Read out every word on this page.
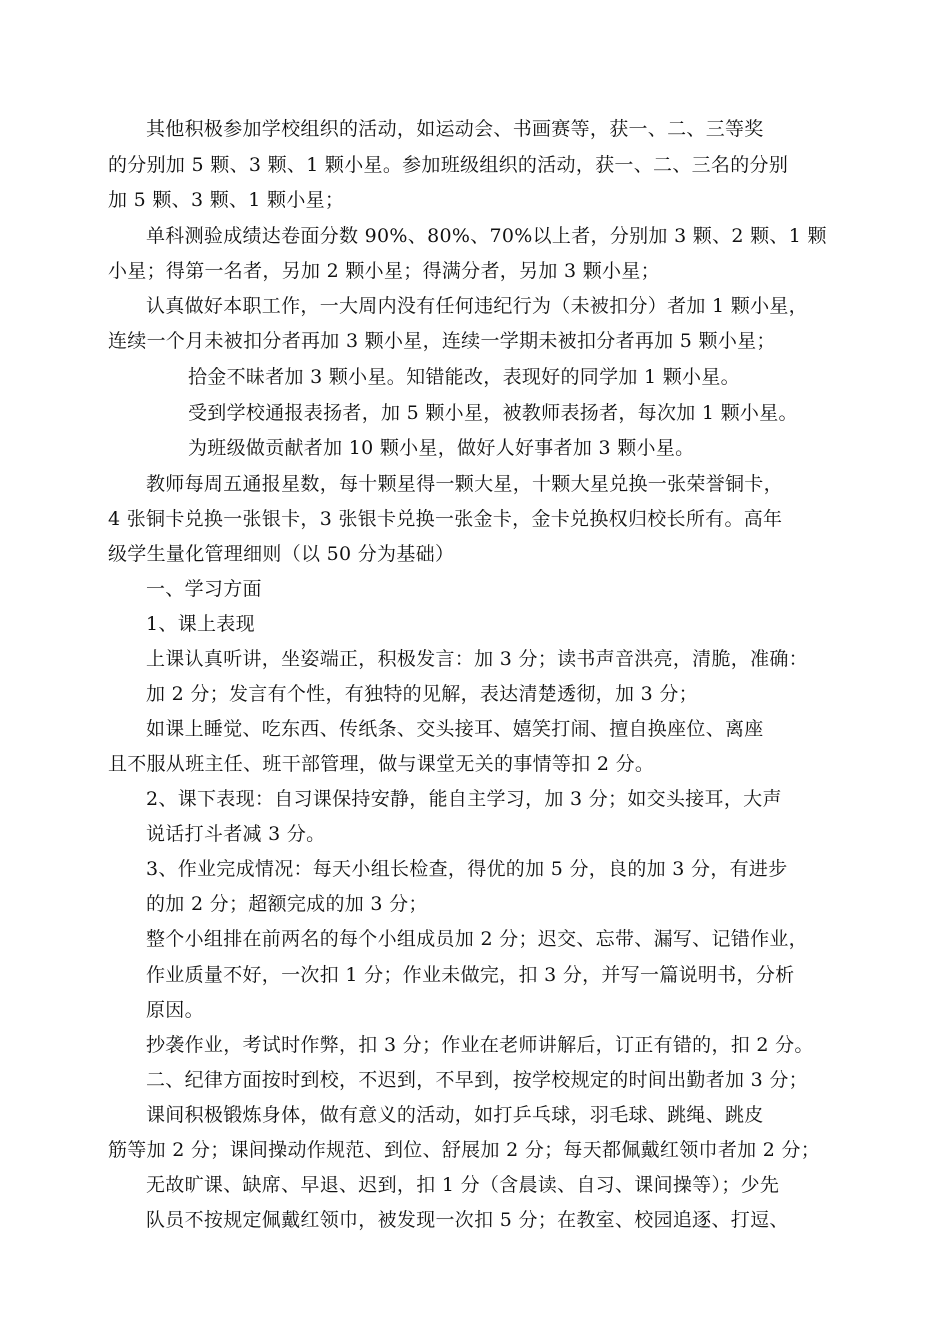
其他积极参加学校组织的活动，如运动会、书画赛等，获一、二、三等奖
的分别加 5 颗、3 颗、1 颗小星。参加班级组织的活动，获一、二、三名的分别
加 5 颗、3 颗、1 颗小星；
单科测验成绩达卷面分数 90%、80%、70%以上者，分别加 3 颗、2 颗、1 颗
小星；得第一名者，另加 2 颗小星；得满分者，另加 3 颗小星；
认真做好本职工作，一大周内没有任何违纪行为（未被扣分）者加 1 颗小星，
连续一个月未被扣分者再加 3 颗小星，连续一学期未被扣分者再加 5 颗小星；
拾金不昧者加 3 颗小星。知错能改，表现好的同学加 1 颗小星。
受到学校通报表扬者，加 5 颗小星，被教师表扬者，每次加 1 颗小星。
为班级做贡献者加 10 颗小星，做好人好事者加 3 颗小星。
教师每周五通报星数，每十颗星得一颗大星，十颗大星兑换一张荣誉铜卡，
4 张铜卡兑换一张银卡，3 张银卡兑换一张金卡，金卡兑换权归校长所有。高年
级学生量化管理细则（以 50 分为基础）
一、学习方面
1、课上表现
上课认真听讲，坐姿端正，积极发言：加 3 分；读书声音洪亮，清脆，准确：
加 2 分；发言有个性，有独特的见解，表达清楚透彻，加 3 分；
如课上睡觉、吃东西、传纸条、交头接耳、嬉笑打闹、擅自换座位、离座
且不服从班主任、班干部管理，做与课堂无关的事情等扣 2 分。
2、课下表现：自习课保持安静，能自主学习，加 3 分；如交头接耳，大声
说话打斗者减 3 分。
3、作业完成情况：每天小组长检查，得优的加 5 分，良的加 3 分，有进步
的加 2 分；超额完成的加 3 分；
整个小组排在前两名的每个小组成员加 2 分；迟交、忘带、漏写、记错作业，
作业质量不好，一次扣 1 分；作业未做完，扣 3 分，并写一篇说明书，分析
原因。
抄袭作业，考试时作弊，扣 3 分；作业在老师讲解后，订正有错的，扣 2 分。
二、纪律方面按时到校，不迟到，不早到，按学校规定的时间出勤者加 3 分；
课间积极锻炼身体，做有意义的活动，如打乒乓球，羽毛球、跳绳、跳皮
筋等加 2 分；课间操动作规范、到位、舒展加 2 分；每天都佩戴红领巾者加 2 分；
无故旷课、缺席、早退、迟到，扣 1 分（含晨读、自习、课间操等）；少先
队员不按规定佩戴红领巾，被发现一次扣 5 分；在教室、校园追逐、打逗、
